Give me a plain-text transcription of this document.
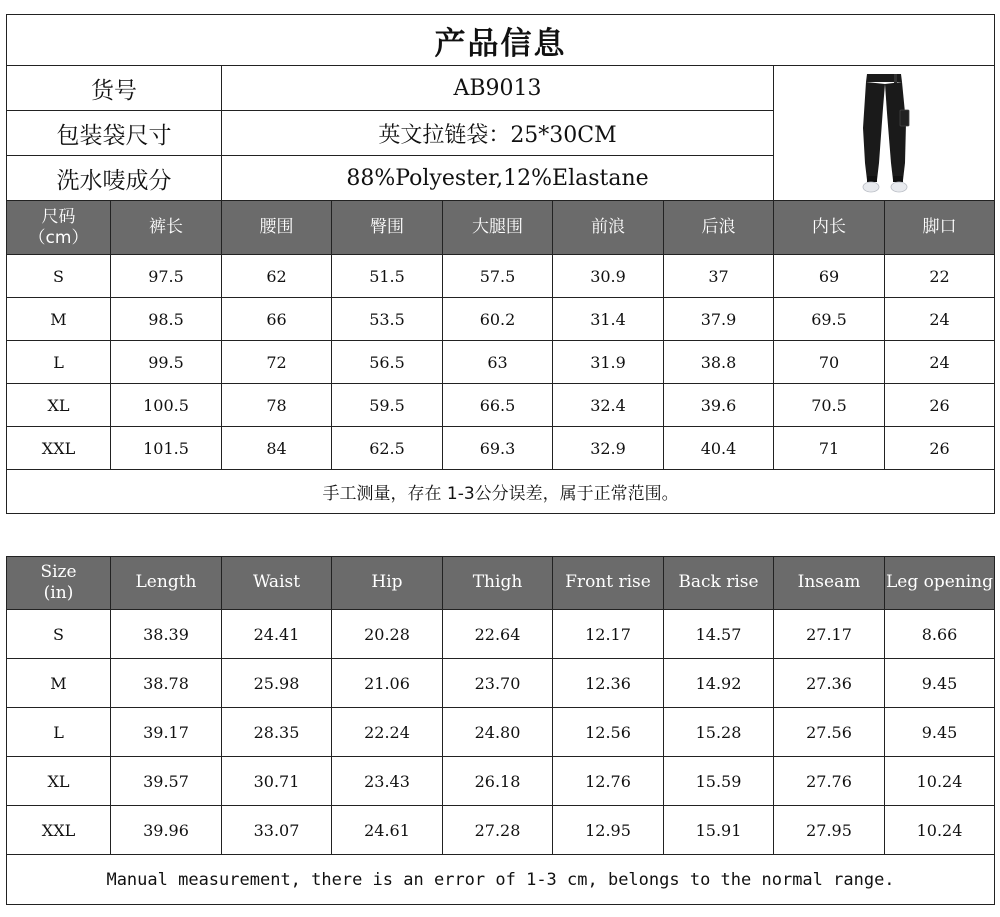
产品信息								
货号		AB9013	

包装袋尺寸		英文拉链袋：25*30CM						
洗水唛成分		88%Polyester,12%Elastane						
尺码
（cm）	裤长	腰围	臀围	大腿围	前浪	后浪	内长	脚口
S	97.5	62	51.5	57.5	30.9	37	69	22
M	98.5	66	53.5	60.2	31.4	37.9	69.5	24
L	99.5	72	56.5	63	31.9	38.8	70	24
XL	100.5	78	59.5	66.5	32.4	39.6	70.5	26
XXL	101.5	84	62.5	69.3	32.9	40.4	71	26
手工测量，存在 1-3公分误差，属于正常范围。								
Size
(in)	Length	Waist	Hip	Thigh	Front rise	Back rise	Inseam	Leg opening
S	38.39	24.41	20.28	22.64	12.17	14.57	27.17	8.66
M	38.78	25.98	21.06	23.70	12.36	14.92	27.36	9.45
L	39.17	28.35	22.24	24.80	12.56	15.28	27.56	9.45
XL	39.57	30.71	23.43	26.18	12.76	15.59	27.76	10.24
XXL	39.96	33.07	24.61	27.28	12.95	15.91	27.95	10.24
Manual measurement, there is an error of 1-3 cm, belongs to the normal range.								
